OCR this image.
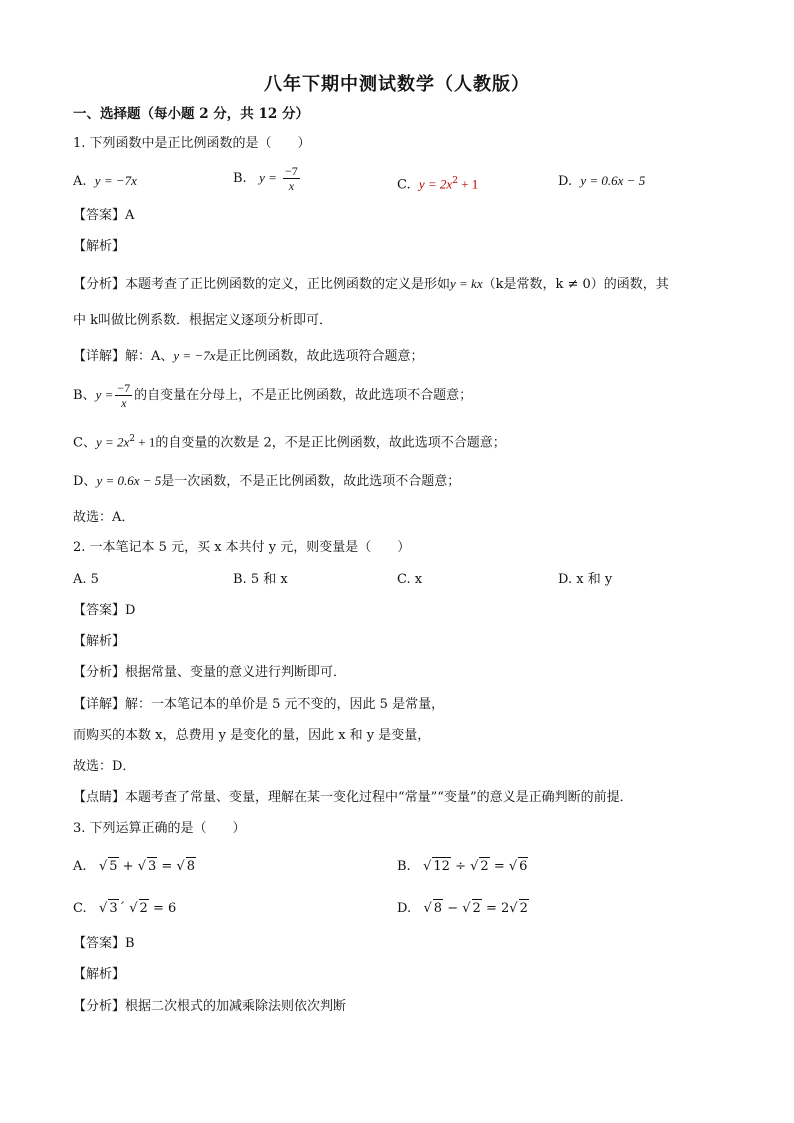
八年下期中测试数学（人教版）
一、选择题（每小题 2 分，共 12 分）
1. 下列函数中是正比例函数的是（　　）
A. y = −7x	B. $y = \frac{-7}{x}$	C. $y = 2x^2 + 1$	D. y = 0.6x − 5
【答案】A
【解析】
【分析】本题考查了正比例函数的定义，正比例函数的定义是形如y = kx（k是常数，k ≠ 0）的函数，其
中 k叫做比例系数．根据定义逐项分析即可．
【详解】解：A、y = −7x是正比例函数，故此选项符合题意；
B、$y = \frac{-7}{x}$ 的自变量在分母上，不是正比例函数，故此选项不合题意；
C、$y = 2x^2 + 1$的自变量的次数是 2，不是正比例函数，故此选项不合题意；
D、y = 0.6x − 5是一次函数，不是正比例函数，故此选项不合题意；
故选：A．
2. 一本笔记本 5 元，买 x 本共付 y 元，则变量是（　　）
A. 5	B. 5 和 x	C. x	D. x 和 y
【答案】D
【解析】
【分析】根据常量、变量的意义进行判断即可．
【详解】解：一本笔记本的单价是 5 元不变的，因此 5 是常量，
而购买的本数 x，总费用 y 是变化的量，因此 x 和 y 是变量，
故选：D．
【点睛】本题考查了常量、变量，理解在某一变化过程中“常量”“变量”的意义是正确判断的前提．
3. 下列运算正确的是（　　）
A. √ 5 + √ 3 = √ 8	B. √ 12 ÷ √ 2 = √ 6
C. √ 3´ √ 2 = 6	D. √ 8 − √ 2 = 2√ 2
【答案】B
【解析】
【分析】根据二次根式的加减乘除法则依次判断
